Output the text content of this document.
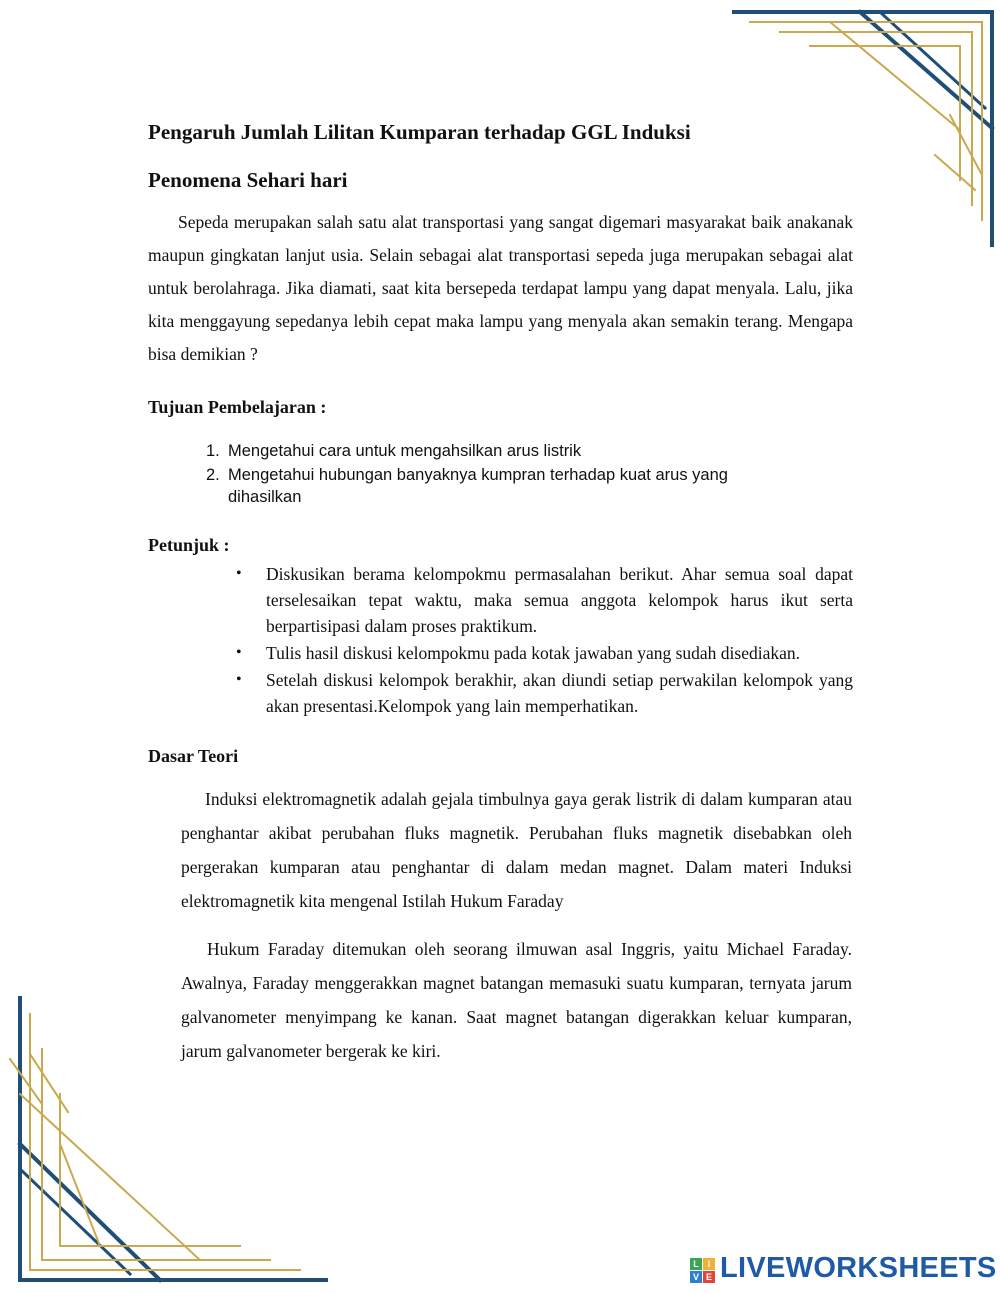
Pengaruh Jumlah Lilitan Kumparan terhadap GGL Induksi
Penomena Sehari hari

Sepeda merupakan salah satu alat transportasi yang sangat digemari masyarakat baik anakanak maupun gingkatan lanjut usia. Selain sebagai alat transportasi sepeda juga merupakan sebagai alat untuk berolahraga. Jika diamati, saat kita bersepeda terdapat lampu yang dapat menyala. Lalu, jika kita menggayung sepedanya lebih cepat maka lampu yang menyala akan semakin terang. Mengapa bisa demikian ?

Tujuan Pembelajaran :
1. Mengetahui cara untuk mengahsilkan arus listrik
2. Mengetahui hubungan banyaknya kumpran terhadap kuat arus yang dihasilkan
Petunjuk :
• Diskusikan berama kelompokmu permasalahan berikut. Ahar semua soal dapat terselesaikan tepat waktu, maka semua anggota kelompok harus ikut serta berpartisipasi dalam proses praktikum.
• Tulis hasil diskusi kelompokmu pada kotak jawaban yang sudah disediakan.
• Setelah diskusi kelompok berakhir, akan diundi setiap perwakilan kelompok yang akan presentasi.Kelompok yang lain memperhatikan.
Dasar Teori

Induksi elektromagnetik adalah gejala timbulnya gaya gerak listrik di dalam kumparan atau penghantar akibat perubahan fluks magnetik. Perubahan fluks magnetik disebabkan oleh pergerakan kumparan atau penghantar di dalam medan magnet. Dalam materi Induksi elektromagnetik kita mengenal Istilah Hukum Faraday

Hukum Faraday ditemukan oleh seorang ilmuwan asal Inggris, yaitu Michael Faraday. Awalnya, Faraday menggerakkan magnet batangan memasuki suatu kumparan, ternyata jarum galvanometer menyimpang ke kanan. Saat magnet batangan digerakkan keluar kumparan, jarum galvanometer bergerak ke kiri.

L I
V E LIVEWORKSHEETS
